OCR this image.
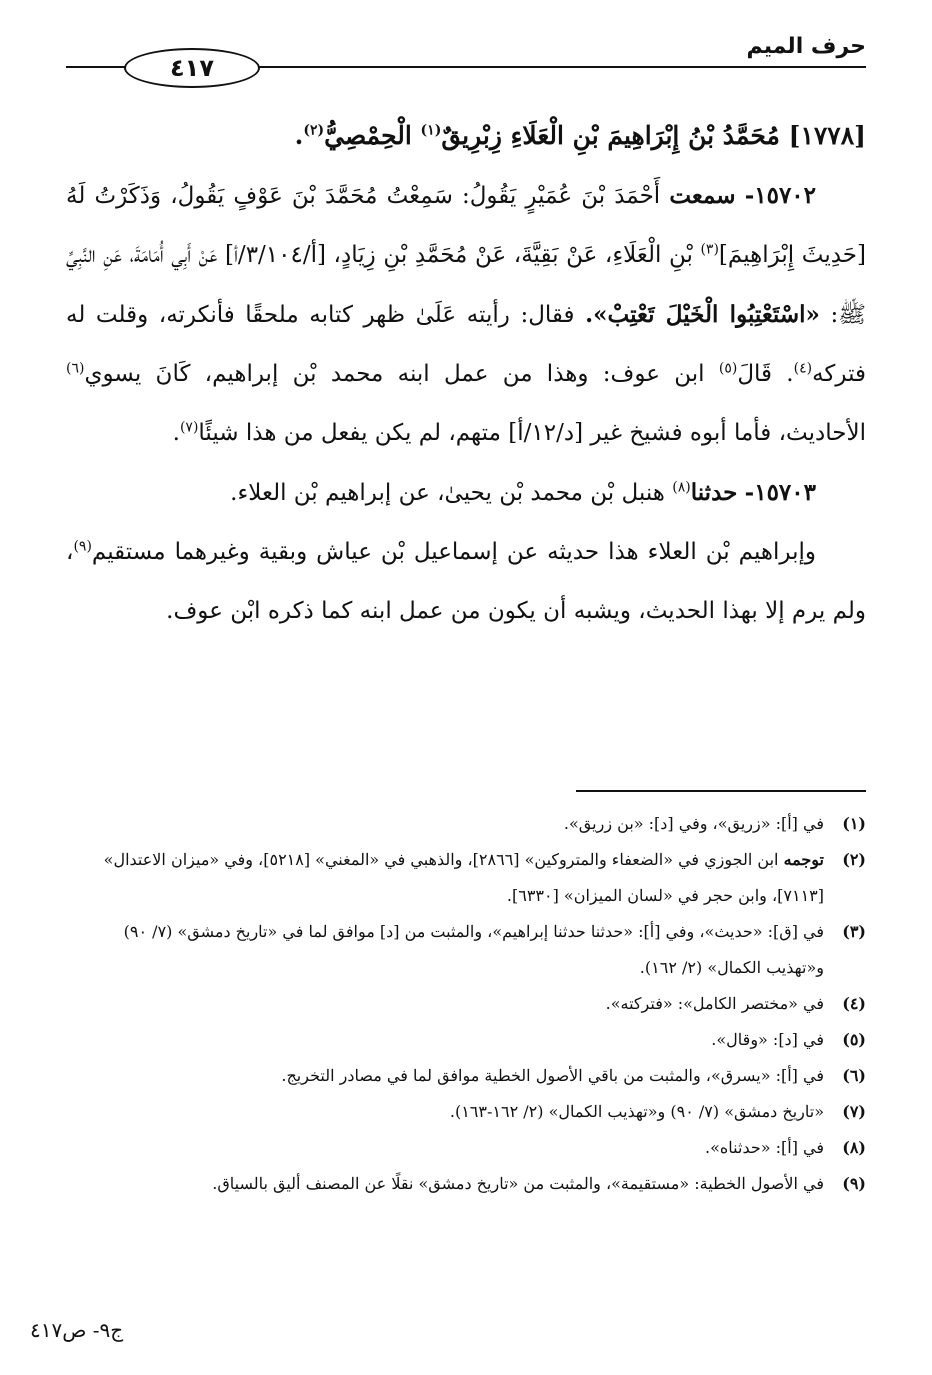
حرف الميم
٤١٧

[١٧٧٨] مُحَمَّدُ بْنُ إِبْرَاهِيمَ بْنِ الْعَلَاءِ زِبْرِيقٌ$^{(١)}$ الْحِمْصِيُّ$^{(٢)}$.

١٥٧٠٢- سمعت أَحْمَدَ بْنَ عُمَيْرٍ يَقُولُ: سَمِعْتُ مُحَمَّدَ بْنَ عَوْفٍ يَقُولُ، وَذَكَرْتُ لَهُ [حَدِيثَ إِبْرَاهِيمَ]$^{(٣)}$ بْنِ الْعَلَاءِ، عَنْ بَقِيَّةَ، عَنْ مُحَمَّدِ بْنِ زِيَادٍ، [أ/٣/١٠٤/أ] عَنْ أَبِي أُمَامَةَ، عَنِ النَّبِيِّ ﷺ: «اسْتَعْتِبُوا الْخَيْلَ تَعْتِبْ». فقال: رأيته عَلَىٰ ظهر كتابه ملحقًا فأنكرته، وقلت له فتركه$^{(٤)}$. قَالَ$^{(٥)}$ ابن عوف: وهذا من عمل ابنه محمد بْن إبراهيم، كَانَ يسوي$^{(٦)}$ الأحاديث، فأما أبوه فشيخ غير [د/١٢/أ] متهم، لم يكن يفعل من هذا شيئًا$^{(٧)}$.

١٥٧٠٣- حدثنا$^{(٨)}$ هنبل بْن محمد بْن يحيىٰ، عن إبراهيم بْن العلاء.

وإبراهيم بْن العلاء هذا حديثه عن إسماعيل بْن عياش وبقية وغيرهما مستقيم$^{(٩)}$، ولم يرم إلا بهذا الحديث، ويشبه أن يكون من عمل ابنه كما ذكره ابْن عوف.

(١)
في [أ]: «زريق»، وفي [د]: «بن زريق».

(٢)
توجمه ابن الجوزي في «الضعفاء والمتروكين» [٢٨٦٦]، والذهبي في «المغني» [٥٢١٨]، وفي «ميزان الاعتدال» [٧١١٣]، وابن حجر في «لسان الميزان» [٦٣٣٠].

(٣)
في [ق]: «حديث»، وفي [أ]: «حدثنا حدثنا إبراهيم»، والمثبت من [د] موافق لما في «تاريخ دمشق» (٧/ ٩٠) و«تهذيب الكمال» (٢/ ١٦٢).

(٤)
في «مختصر الكامل»: «فتركته».

(٥)
في [د]: «وقال».

(٦)
في [أ]: «يسرق»، والمثبت من باقي الأصول الخطية موافق لما في مصادر التخريج.

(٧)
«تاريخ دمشق» (٧/ ٩٠) و«تهذيب الكمال» (٢/ ١٦٢-١٦٣).

(٨)
في [أ]: «حدثناه».

(٩)
في الأصول الخطية: «مستقيمة»، والمثبت من «تاريخ دمشق» نقلًا عن المصنف أليق بالسياق.

ج٩- ص٤١٧
